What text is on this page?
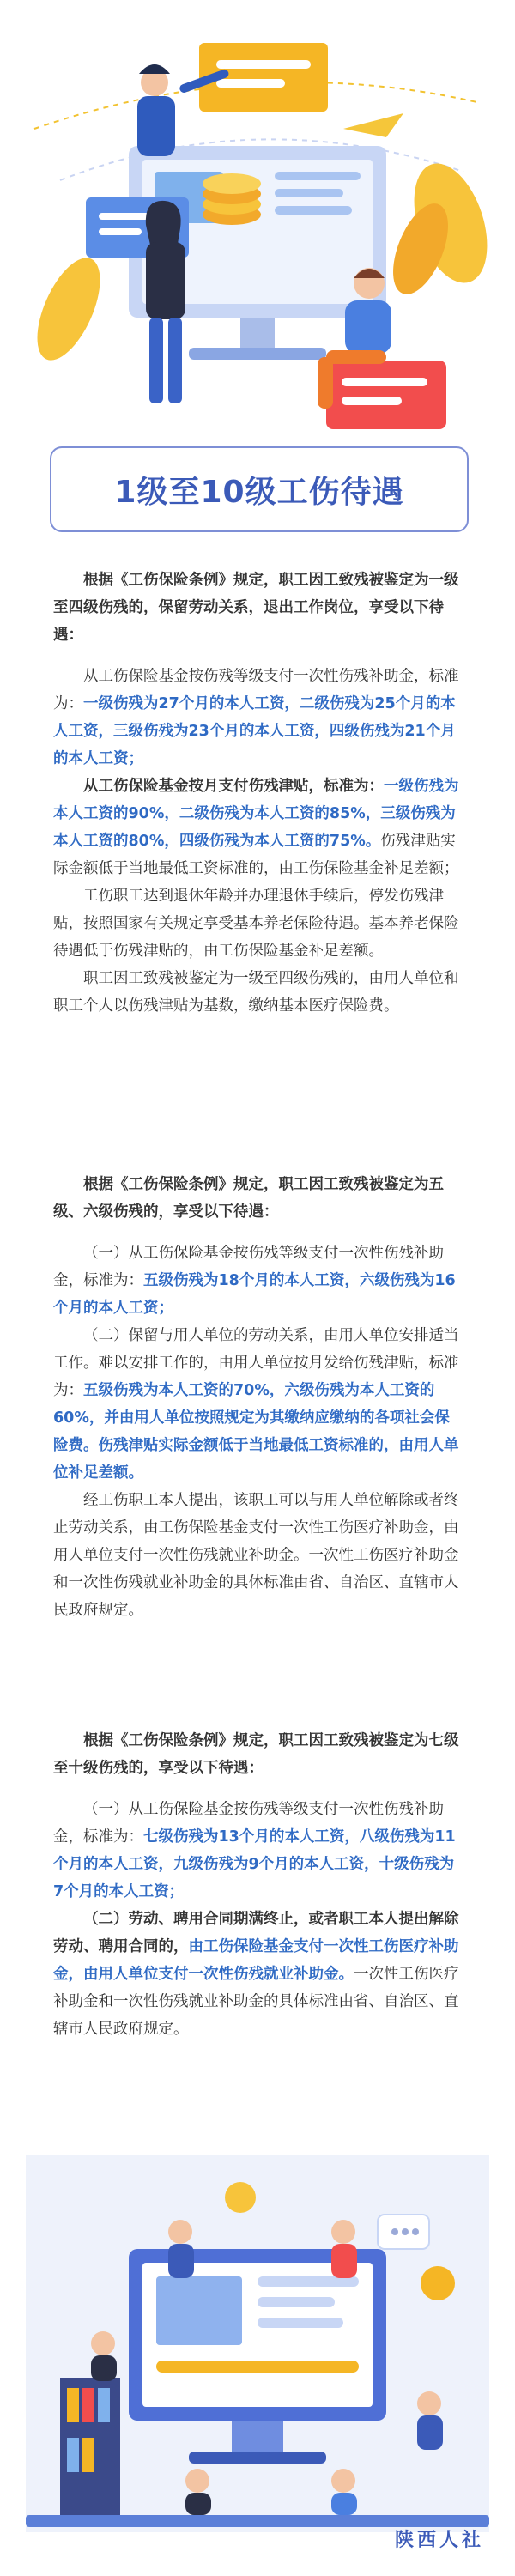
1级至10级工伤待遇

根据《工伤保险条例》规定，职工因工致残被鉴定为一级至四级伤残的，保留劳动关系，退出工作岗位，享受以下待遇：

从工伤保险基金按伤残等级支付一次性伤残补助金，标准为：一级伤残为27个月的本人工资，二级伤残为25个月的本人工资，三级伤残为23个月的本人工资，四级伤残为21个月的本人工资；

从工伤保险基金按月支付伤残津贴，标准为：一级伤残为本人工资的90%，二级伤残为本人工资的85%，三级伤残为本人工资的80%，四级伤残为本人工资的75%。伤残津贴实际金额低于当地最低工资标准的，由工伤保险基金补足差额；

工伤职工达到退休年龄并办理退休手续后，停发伤残津贴，按照国家有关规定享受基本养老保险待遇。基本养老保险待遇低于伤残津贴的，由工伤保险基金补足差额。

职工因工致残被鉴定为一级至四级伤残的，由用人单位和职工个人以伤残津贴为基数，缴纳基本医疗保险费。

根据《工伤保险条例》规定，职工因工致残被鉴定为五级、六级伤残的，享受以下待遇：

（一）从工伤保险基金按伤残等级支付一次性伤残补助金，标准为：五级伤残为18个月的本人工资，六级伤残为16个月的本人工资；

（二）保留与用人单位的劳动关系，由用人单位安排适当工作。难以安排工作的，由用人单位按月发给伤残津贴，标准为：五级伤残为本人工资的70%，六级伤残为本人工资的60%，并由用人单位按照规定为其缴纳应缴纳的各项社会保险费。伤残津贴实际金额低于当地最低工资标准的，由用人单位补足差额。

经工伤职工本人提出，该职工可以与用人单位解除或者终止劳动关系，由工伤保险基金支付一次性工伤医疗补助金，由用人单位支付一次性伤残就业补助金。一次性工伤医疗补助金和一次性伤残就业补助金的具体标准由省、自治区、直辖市人民政府规定。

根据《工伤保险条例》规定，职工因工致残被鉴定为七级至十级伤残的，享受以下待遇：

（一）从工伤保险基金按伤残等级支付一次性伤残补助金，标准为：七级伤残为13个月的本人工资，八级伤残为11个月的本人工资，九级伤残为9个月的本人工资，十级伤残为7个月的本人工资；

（二）劳动、聘用合同期满终止，或者职工本人提出解除劳动、聘用合同的，由工伤保险基金支付一次性工伤医疗补助金，由用人单位支付一次性伤残就业补助金。一次性工伤医疗补助金和一次性伤残就业补助金的具体标准由省、自治区、直辖市人民政府规定。

陕西人社
